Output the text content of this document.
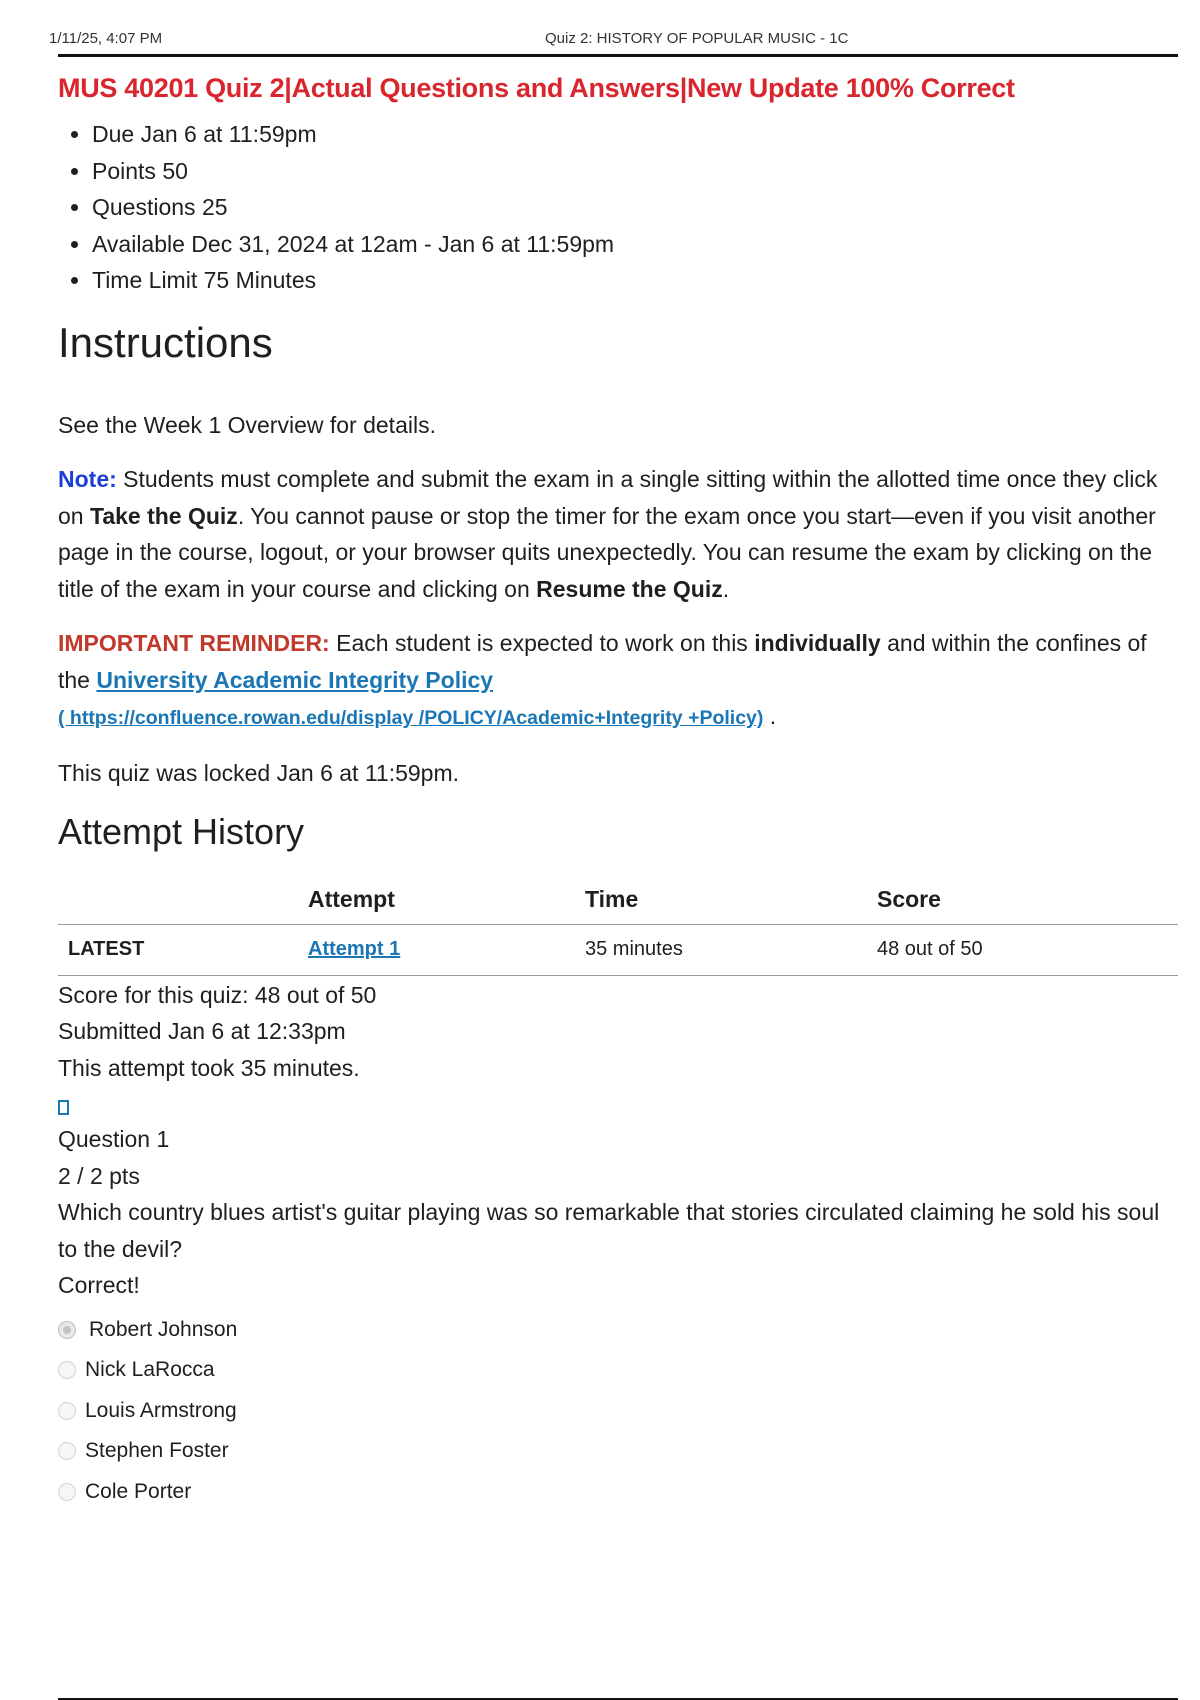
1/11/25, 4:07 PM	Quiz 2: HISTORY OF POPULAR MUSIC - 1C
MUS 40201 Quiz 2|Actual Questions and Answers|New Update 100% Correct
• Due Jan 6 at 11:59pm
• Points 50
• Questions 25
• Available Dec 31, 2024 at 12am - Jan 6 at 11:59pm
• Time Limit 75 Minutes
Instructions

See the Week 1 Overview for details.

Note: Students must complete and submit the exam in a single sitting within the allotted time once they click on Take the Quiz. You cannot pause or stop the timer for the exam once you start—even if you visit another page in the course, logout, or your browser quits unexpectedly. You can resume the exam by clicking on the title of the exam in your course and clicking on Resume the Quiz.

IMPORTANT REMINDER: Each student is expected to work on this individually and within the confines of the University Academic Integrity Policy
( https://confluence.rowan.edu/display /POLICY/Academic+Integrity +Policy) .

This quiz was locked Jan 6 at 11:59pm.

Attempt History
	Attempt	Time	Score
LATEST	Attempt 1	35 minutes	48 out of 50
Score for this quiz: 48 out of 50
Submitted Jan 6 at 12:33pm
This attempt took 35 minutes.
Question 1
2 / 2 pts
Which country blues artist's guitar playing was so remarkable that stories circulated claiming he sold his soul to the devil?
Correct!
Robert Johnson
Nick LaRocca
Louis Armstrong
Stephen Foster
Cole Porter
